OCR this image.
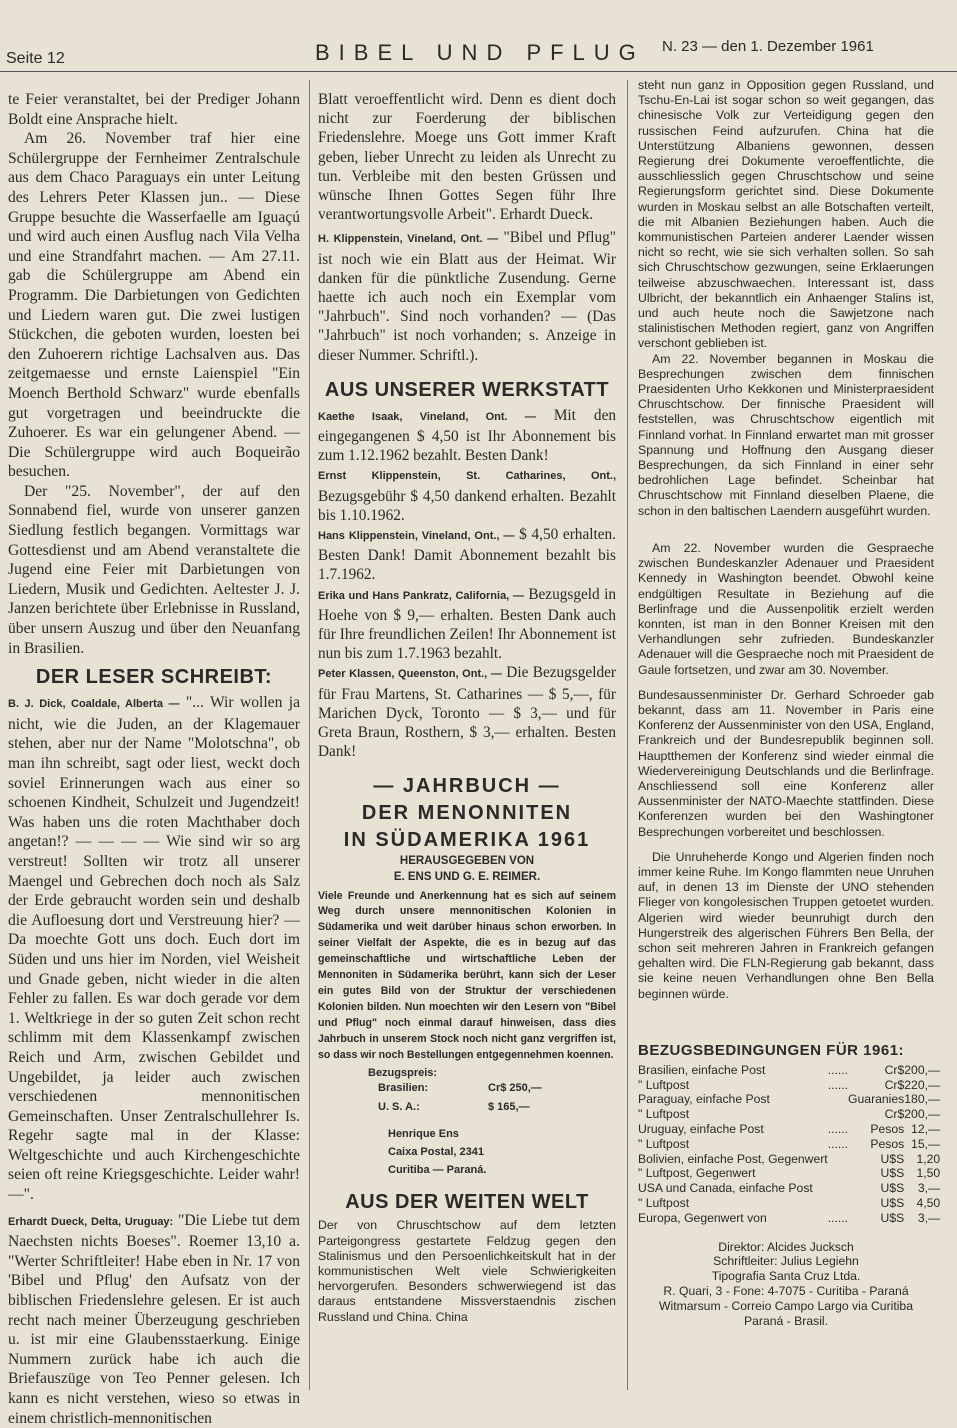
Seite 12	BIBEL UND PFLUG N. 23 — den 1. Dezember 1961

te Feier veranstaltet, bei der Prediger Johann Boldt eine Ansprache hielt.

Am 26. November traf hier eine Schülergruppe der Fernheimer Zentralschule aus dem Chaco Paraguays ein unter Leitung des Lehrers Peter Klassen jun.. — Diese Gruppe besuchte die Wasserfaelle am Iguaçú und wird auch einen Ausflug nach Vila Velha und eine Strandfahrt machen. — Am 27.11. gab die Schülergruppe am Abend ein Programm. Die Darbietungen von Gedichten und Liedern waren gut. Die zwei lustigen Stückchen, die geboten wurden, loesten bei den Zuhoerern richtige Lachsalven aus. Das zeitgemaesse und ernste Laienspiel "Ein Moench Berthold Schwarz" wurde ebenfalls gut vorgetragen und beeindruckte die Zuhoerer. Es war ein gelungener Abend. — Die Schülergruppe wird auch Boqueirão besuchen.

Der "25. November", der auf den Sonnabend fiel, wurde von unserer ganzen Siedlung festlich begangen. Vormittags war Gottesdienst und am Abend veranstaltete die Jugend eine Feier mit Darbietungen von Liedern, Musik und Gedichten. Aeltester J. J. Janzen berichtete über Erlebnisse in Russland, über unsern Auszug und über den Neuanfang in Brasilien.

DER LESER SCHREIBT:

B. J. Dick, Coaldale, Alberta — "... Wir wollen ja nicht, wie die Juden, an der Klagemauer stehen, aber nur der Name "Molotschna", ob man ihn schreibt, sagt oder liest, weckt doch soviel Erinnerungen wach aus einer so schoenen Kindheit, Schulzeit und Jugendzeit! Was haben uns die roten Machthaber doch angetan!? — — — — Wie sind wir so arg verstreut! Sollten wir trotz all unserer Maengel und Gebrechen doch noch als Salz der Erde gebraucht worden sein und deshalb die Aufloesung dort und Verstreuung hier? — Da moechte Gott uns doch. Euch dort im Süden und uns hier im Norden, viel Weisheit und Gnade geben, nicht wieder in die alten Fehler zu fallen. Es war doch gerade vor dem 1. Weltkriege in der so guten Zeit schon recht schlimm mit dem Klassenkampf zwischen Reich und Arm, zwischen Gebildet und Ungebildet, ja leider auch zwischen verschiedenen mennonitischen Gemeinschaften. Unser Zentralschullehrer Is. Regehr sagte mal in der Klasse: Weltgeschichte und auch Kirchengeschichte seien oft reine Kriegsgeschichte. Leider wahr! —".

Erhardt Dueck, Delta, Uruguay: "Die Liebe tut dem Naechsten nichts Boeses". Roemer 13,10 a. "Werter Schriftleiter! Habe eben in Nr. 17 von 'Bibel und Pflug' den Aufsatz von der biblischen Friedenslehre gelesen. Er ist auch recht nach meiner Überzeugung geschrieben u. ist mir eine Glaubensstaerkung. Einige Nummern zurück habe ich auch die Briefauszüge von Teo Penner gelesen. Ich kann es nicht verstehen, wieso so etwas in einem christlich-mennonitischen

Blatt veroeffentlicht wird. Denn es dient doch nicht zur Foerderung der biblischen Friedenslehre. Moege uns Gott immer Kraft geben, lieber Unrecht zu leiden als Unrecht zu tun. Verbleibe mit den besten Grüssen und wünsche Ihnen Gottes Segen führ Ihre verantwortungsvolle Arbeit". Erhardt Dueck.

H. Klippenstein, Vineland, Ont. — "Bibel und Pflug" ist noch wie ein Blatt aus der Heimat. Wir danken für die pünktliche Zusendung. Gerne haette ich auch noch ein Exemplar vom "Jahrbuch". Sind noch vorhanden? — (Das "Jahrbuch" ist noch vorhanden; s. Anzeige in dieser Nummer. Schriftl.).

AUS UNSERER WERKSTATT

Kaethe Isaak, Vineland, Ont. — Mit den eingegangenen $ 4,50 ist Ihr Abonnement bis zum 1.12.1962 bezahlt. Besten Dank!

Ernst Klippenstein, St. Catharines, Ont., Bezugsgebühr $ 4,50 dankend erhalten. Bezahlt bis 1.10.1962.

Hans Klippenstein, Vineland, Ont., — $ 4,50 erhalten. Besten Dank! Damit Abonnement bezahlt bis 1.7.1962.

Erika und Hans Pankratz, California, — Bezugsgeld in Hoehe von $ 9,— erhalten. Besten Dank auch für Ihre freundlichen Zeilen! Ihr Abonnement ist nun bis zum 1.7.1963 bezahlt.

Peter Klassen, Queenston, Ont., — Die Bezugsgelder für Frau Martens, St. Catharines — $ 5,—, für Marichen Dyck, Toronto — $ 3,— und für Greta Braun, Rosthern, $ 3,— erhalten. Besten Dank!

— JAHRBUCH —
DER MENONNITEN
IN SÜDAMERIKA 1961
HERAUSGEGEBEN VON
E. ENS UND G. E. REIMER.

Viele Freunde und Anerkennung hat es sich auf seinem Weg durch unsere mennonitischen Kolonien in Südamerika und weit darüber hinaus schon erworben. In seiner Vielfalt der Aspekte, die es in bezug auf das gemeinschaftliche und wirtschaftliche Leben der Mennoniten in Südamerika berührt, kann sich der Leser ein gutes Bild von der Struktur der verschiedenen Kolonien bilden. Nun moechten wir den Lesern von "Bibel und Pflug" noch einmal darauf hinweisen, dass dies Jahrbuch in unserem Stock noch nicht ganz vergriffen ist, so dass wir noch Bestellungen entgegennehmen koennen.

Bezugspreis:
Brasilien:	Cr$ 250,—
U. S. A.:	$ 165,—
Henrique Ens
Caixa Postal, 2341
Curitiba — Paraná.
AUS DER WEITEN WELT

Der von Chruschtschow auf dem letzten Parteigongress gestartete Feldzug gegen den Stalinismus und den Persoenlichkeitskult hat in der kommunistischen Welt viele Schwierigkeiten hervorgerufen. Besonders schwerwiegend ist das daraus entstandene Missverstaendnis zischen Russland und China. China

steht nun ganz in Opposition gegen Russland, und Tschu-En-Lai ist sogar schon so weit gegangen, das chinesische Volk zur Verteidigung gegen den russischen Feind aufzurufen. China hat die Unterstützung Albaniens gewonnen, dessen Regierung drei Dokumente veroeffentlichte, die ausschliesslich gegen Chruschtschow und seine Regierungsform gerichtet sind. Diese Dokumente wurden in Moskau selbst an alle Botschaften verteilt, die mit Albanien Beziehungen haben. Auch die kommunistischen Parteien anderer Laender wissen nicht so recht, wie sie sich verhalten sollen. So sah sich Chruschtschow gezwungen, seine Erklaerungen teilweise abzuschwaechen. Interessant ist, dass Ulbricht, der bekanntlich ein Anhaenger Stalins ist, und auch heute noch die Sawjetzone nach stalinistischen Methoden regiert, ganz von Angriffen verschont geblieben ist.

Am 22. November begannen in Moskau die Besprechungen zwischen dem finnischen Praesidenten Urho Kekkonen und Ministerpraesident Chruschtschow. Der finnische Praesident will feststellen, was Chruschtschow eigentlich mit Finnland vorhat. In Finnland erwartet man mit grosser Spannung und Hoffnung den Ausgang dieser Besprechungen, da sich Finnland in einer sehr bedrohlichen Lage befindet. Scheinbar hat Chruschtschow mit Finnland dieselben Plaene, die schon in den baltischen Laendern ausgeführt wurden.

Am 22. November wurden die Gespraeche zwischen Bundeskanzler Adenauer und Praesident Kennedy in Washington beendet. Obwohl keine endgültigen Resultate in Beziehung auf die Berlinfrage und die Aussenpolitik erzielt werden konnten, ist man in den Bonner Kreisen mit den Verhandlungen sehr zufrieden. Bundeskanzler Adenauer will die Gespraeche noch mit Praesident de Gaule fortsetzen, und zwar am 30. November.

Bundesaussenminister Dr. Gerhard Schroeder gab bekannt, dass am 11. November in Paris eine Konferenz der Aussenminister von den USA, England, Frankreich und der Bundesrepublik beginnen soll. Hauptthemen der Konferenz sind wieder einmal die Wiedervereinigung Deutschlands und die Berlinfrage. Anschliessend soll eine Konferenz aller Aussenminister der NATO-Maechte stattfinden. Diese Konferenzen wurden bei den Washingtoner Besprechungen vorbereitet und beschlossen.

Die Unruheherde Kongo und Algerien finden noch immer keine Ruhe. Im Kongo flammten neue Unruhen auf, in denen 13 im Dienste der UNO stehenden Flieger von kongolesischen Truppen getoetet wurden. Algerien wird wieder beunruhigt durch den Hungerstreik des algerischen Führers Ben Bella, der schon seit mehreren Jahren in Frankreich gefangen gehalten wird. Die FLN-Regierung gab bekannt, dass sie keine neuen Verhandlungen ohne Ben Bella beginnen würde.

BEZUGSBEDINGUNGEN FÜR 1961:
Brasilien, einfache Post	......	Cr$	200,—
" Luftpost	......	Cr$	220,—
Paraguay, einfache Post		Guaranies	180,—
" Luftpost		Cr$	200,—
Uruguay, einfache Post	......	Pesos	12,—
" Luftpost	......	Pesos	15,—
Bolivien, einfache Post, Gegenwert		U$S	1,20
" Luftpost, Gegenwert		U$S	1,50
USA und Canada, einfache Post		U$S	3,—
" Luftpost		U$S	4,50
Europa, Gegenwert von	......	U$S	3,—
Direktor: Alcides Jucksch
Schriftleiter: Julius Legiehn
Tipografia Santa Cruz Ltda.
R. Quari, 3 - Fone: 4-7075 - Curitiba - Paraná
Witmarsum - Correio Campo Largo via Curitiba
Paraná - Brasil.
